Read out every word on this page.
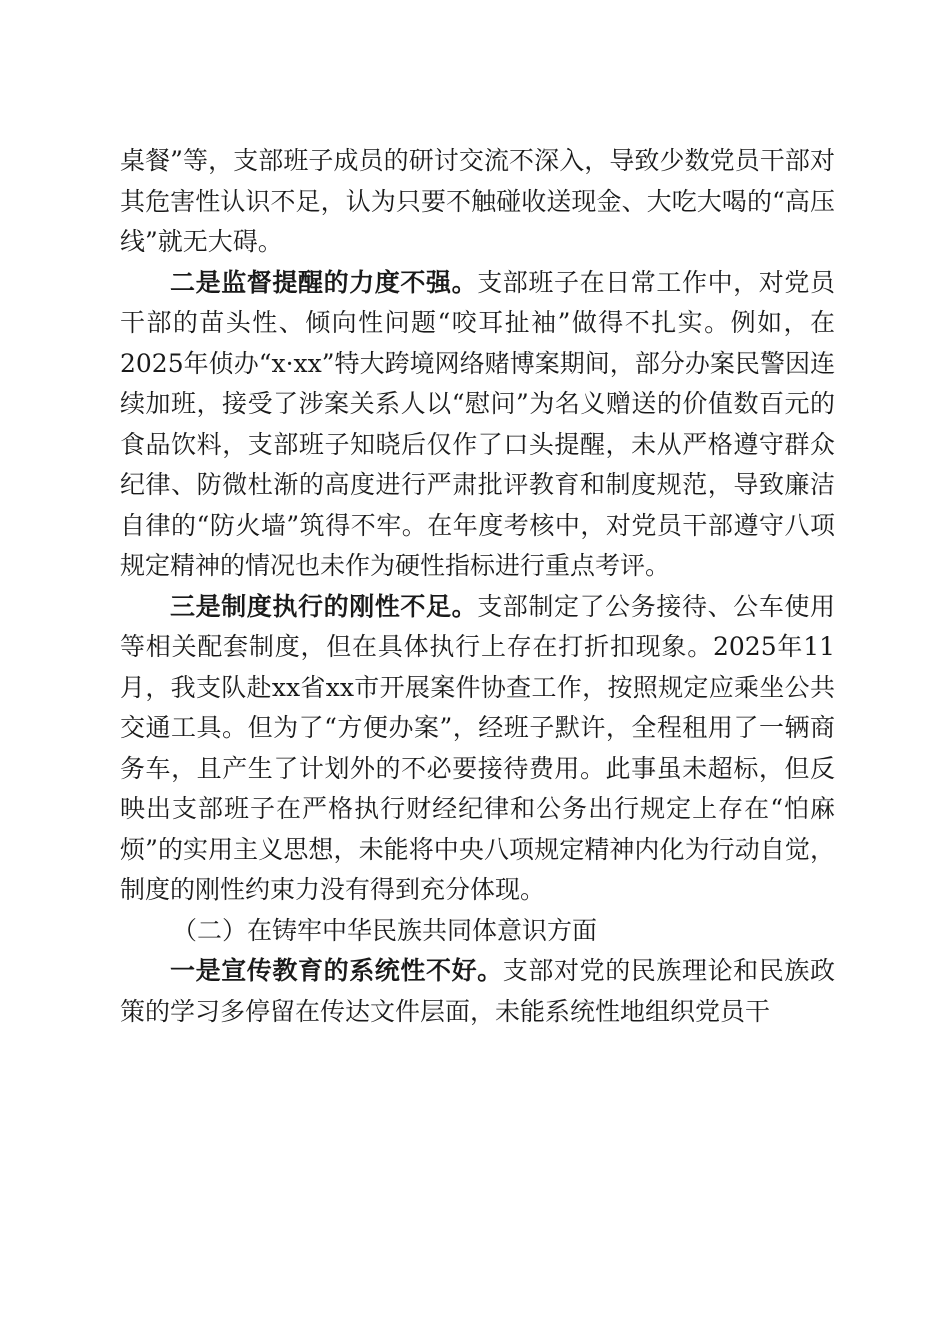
桌餐”等，支部班子成员的研讨交流不深入，导致少数党员干部对其危害性认识不足，认为只要不触碰收送现金、大吃大喝的“高压线”就无大碍。

二是监督提醒的力度不强。支部班子在日常工作中，对党员干部的苗头性、倾向性问题“咬耳扯袖”做得不扎实。例如，在2025年侦办“x·xx”特大跨境网络赌博案期间，部分办案民警因连续加班，接受了涉案关系人以“慰问”为名义赠送的价值数百元的食品饮料，支部班子知晓后仅作了口头提醒，未从严格遵守群众纪律、防微杜渐的高度进行严肃批评教育和制度规范，导致廉洁自律的“防火墙”筑得不牢。在年度考核中，对党员干部遵守八项规定精神的情况也未作为硬性指标进行重点考评。

三是制度执行的刚性不足。支部制定了公务接待、公车使用等相关配套制度，但在具体执行上存在打折扣现象。2025年11月，我支队赴xx省xx市开展案件协查工作，按照规定应乘坐公共交通工具。但为了“方便办案”，经班子默许，全程租用了一辆商务车，且产生了计划外的不必要接待费用。此事虽未超标，但反映出支部班子在严格执行财经纪律和公务出行规定上存在“怕麻烦”的实用主义思想，未能将中央八项规定精神内化为行动自觉，制度的刚性约束力没有得到充分体现。

（二）在铸牢中华民族共同体意识方面

一是宣传教育的系统性不好。支部对党的民族理论和民族政策的学习多停留在传达文件层面，未能系统性地组织党员干
